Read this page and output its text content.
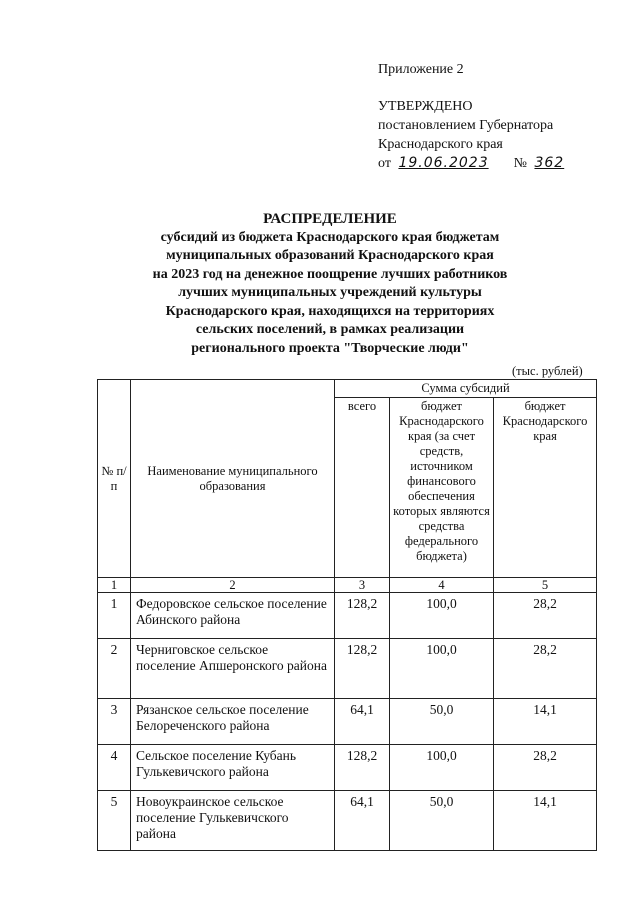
Приложение 2
УТВЕРЖДЕНО
постановлением Губернатора
Краснодарского края
от 19.06.2023 № 362
РАСПРЕДЕЛЕНИЕ
субсидий из бюджета Краснодарского края бюджетам
муниципальных образований Краснодарского края
на 2023 год на денежное поощрение лучших работников
лучших муниципальных учреждений культуры
Краснодарского края, находящихся на территориях
сельских поселений, в рамках реализации
регионального проекта "Творческие люди"
(тыс. рублей)
№ п/п	Наименование муниципального образования	Сумма субсидий		
		всего	бюджет Краснодарского края (за счет средств, источником финансового обеспечения которых являются средства федерального бюджета)	бюджет Краснодарского края
1	2	3	4	5
1	Федоровское сельское поселение Абинского района	128,2	100,0	28,2
2	Черниговское сельское поселение Апшеронского района	128,2	100,0	28,2
3	Рязанское сельское поселение Белореченского района	64,1	50,0	14,1
4	Сельское поселение Кубань Гулькевичского района	128,2	100,0	28,2
5	Новоукраинское сельское поселение Гулькевичского района	64,1	50,0	14,1
